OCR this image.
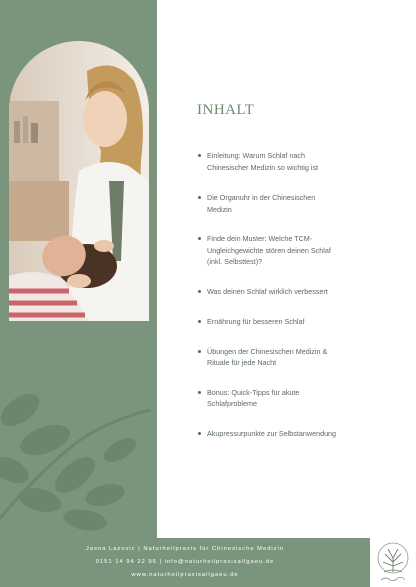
INHALT
Einleitung: Warum Schlaf nach Chinesischer Medizin so wichtig ist
Die Organuhr in der Chinesischen Medizin
Finde dein Muster: Welche TCM-Ungleichgewichte stören deinen Schlaf (inkl. Selbsttest)?
Was deinen Schlaf wirklich verbessert
Ernährung für besseren Schlaf
Übungen der Chinesischen Medizin & Rituale für jede Nacht
Bonus: Quick-Tipps für akute Schlafprobleme
Akupressurpunkte zur Selbstanwendung
Jasna Lazovic | Naturheilpraxis für Chinesische Medizin
0151 14 94 22 96 | info@naturheilpraxisallgaeu.de
www.naturheilpraxisallgaeu.de
